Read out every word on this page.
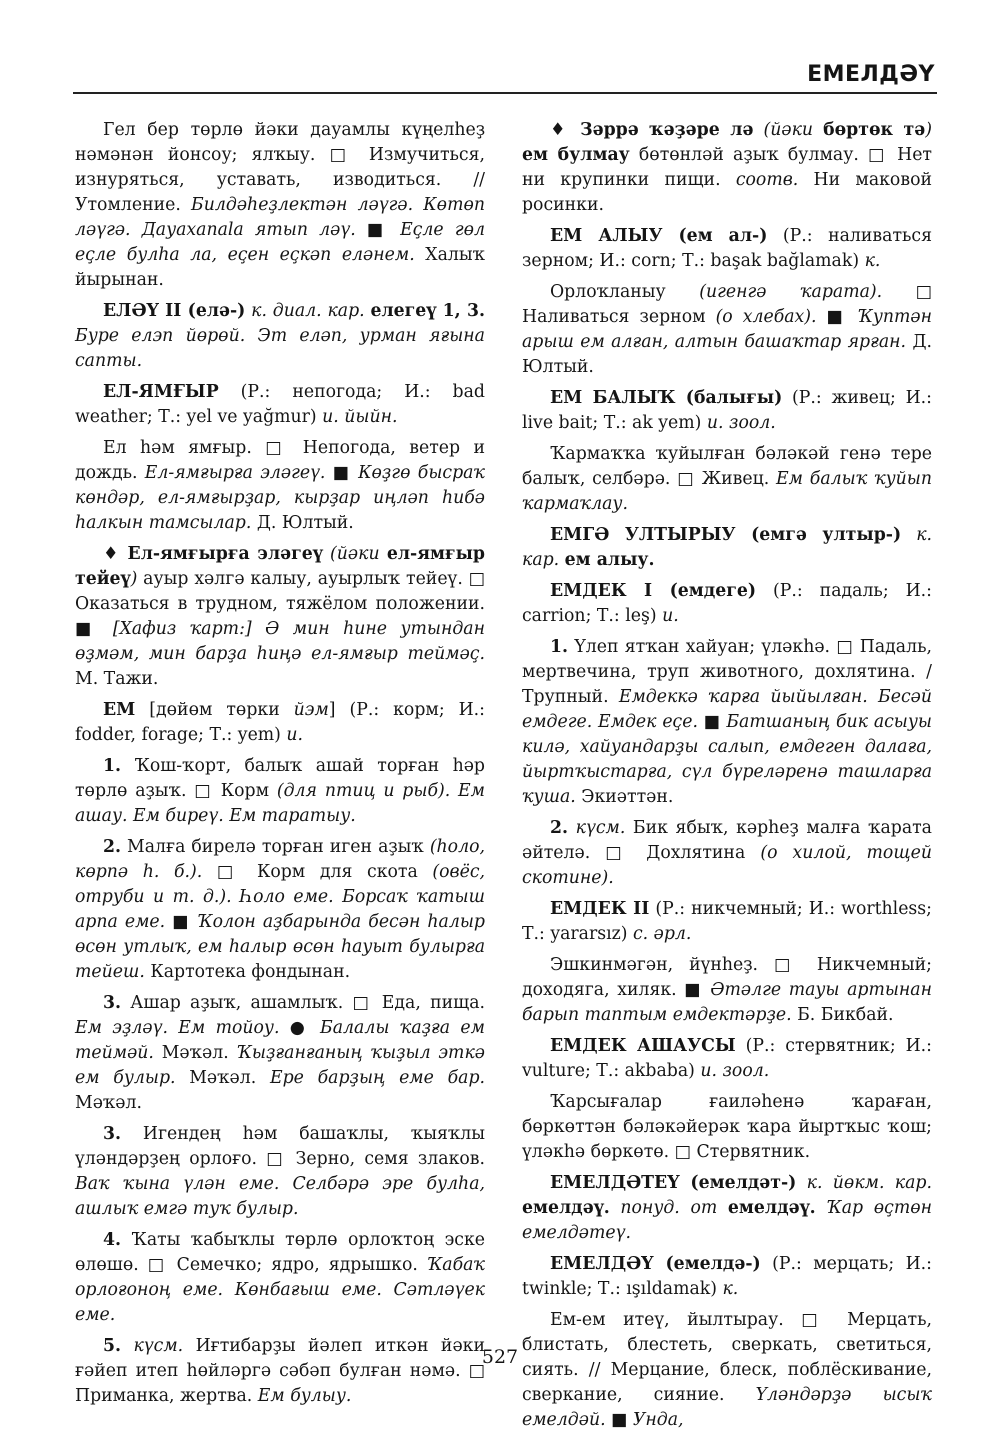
ЕМЕЛДӘҮ

Гел бер төрлө йәки дауамлы күңелһеҙ нәмәнән йонсоу; ялҡыу. □ Измучиться, изнуряться, уставать, изводиться. // Утомление. Билдәһеҙлектән ләүгә. Көтөп ләүгә. Дауахanalа ятып ләү. ■ Еҫле гөл еҫле булһа ла, еҫен еҫкәп еләнем. Халыҡ йырынан.

ЕЛӘҮ II (елә-) к. диал. кар. елегеү 1, 3. Буре елэп йөрөй. Эт еләп, урман яғына сапты.

ЕЛ-ЯМҒЫР (Р.: непогода; И.: bad weather; Т.: yel ve yağmur) и. йыйн.

Ел һәм ямғыр. □ Непогода, ветер и дождь. Ел-ямғырға эләгеү. ■ Көҙгө бысраҡ көндәр, ел-ямғырҙар, кырҙар иңләп һибә һалкын тамсылар. Д. Юлтый.

♦ Ел-ямғырға эләгеү (йәки ел-ямғыр тейеү) ауыр хәлгә калыу, ауырлыҡ тейеү. □ Оказаться в трудном, тяжёлом положении. ■ [Хафиз ҡарт:] Ә мин һине утындан өҙмәм, мин барҙа һиңә ел-ямғыр теймәҫ. М. Тажи.

ЕМ [дөйөм төрки йэм] (Р.: корм; И.: fodder, forage; Т.: yem) и.

1. Ҡош-ҡорт, балыҡ ашай торған һәр төрлө аҙыҡ. □ Корм (для птиц и рыб). Ем ашау. Ем биреү. Ем таратыу.

2. Малға бирелә торған иген аҙыҡ (һоло, көрпә һ. б.). □ Корм для скота (овёс, отруби и т. д.). Һоло еме. Борсаҡ ҡатыш арпа еме. ■ Ҡолон аҙбарында бесән һалыр өсөн утлыҡ, ем һалыр өсөн һауыт булырға тейеш. Картотека фондынан.

3. Ашар аҙыҡ, ашамлыҡ. □ Еда, пища. Ем эҙләү. Ем тойоу. ● Балалы ҡаҙға ем теймәй. Мәҡәл. Ҡыҙғанғаның ҡыҙыл эткә ем булыр. Мәҡәл. Ере барҙың еме бар. Мәҡәл.

3. Игендең һәм башаҡлы, ҡыяҡлы үләндәрҙең орлоғо. □ Зерно, семя злаков. Ваҡ ҡына үлән еме. Селбәрә эре булһа, ашлыҡ емгә туҡ булыр.

4. Ҡаты ҡабыҡлы төрлө орлоҡтоң эске өлөшө. □ Семечко; ядро, ядрышко. Ҡабаҡ орлоғоноң еме. Көнбағыш еме. Сәтләүек еме.

5. күсм. Иғтибарҙы йәлеп иткән йәки ғәйеп итеп һөйләргә сәбәп булған нәмә. □ Приманка, жертва. Ем булыу.

♦ Зәррә ҡәҙәре лә (йәки бөртөк тә) ем булмау бөтөнләй аҙыҡ булмау. □ Нет ни крупинки пищи. соотв. Ни маковой росинки.

ЕМ АЛЫУ (ем ал-) (Р.: наливаться зерном; И.: corn; Т.: başak bağlamak) к.

Орлоҡланыу (игенгә ҡарата). □ Наливаться зерном (о хлебах). ■ Ҡуптән арыш ем алған, алтын башаҡтар ярған. Д. Юлтый.

ЕМ БАЛЫҠ (балығы) (Р.: живец; И.: live bait; Т.: ak yem) и. зоол.

Ҡармаҡҡа ҡуйылған бәләкәй генә тере балыҡ, селбәрә. □ Живец. Ем балыҡ ҡуйып ҡармаҡлау.

ЕМГӘ УЛТЫРЫУ (емгә ултыр-) к. кар. ем алыу.

ЕМДЕК I (емдеге) (Р.: падаль; И.: carrion; Т.: leş) и.

1. Үлеп ятҡан хайуан; үләкһә. □ Падаль, мертвечина, труп животного, дохлятина. / Трупный. Емдеккә ҡарға йыйылған. Бесәй емдеге. Емдек еҫе. ■ Батшаның бик асыуы килә, хайуандарҙы салып, емдеген далаға, йыртҡыстарға, сүл бүреләренә ташларға ҡуша. Экиәттән.

2. күсм. Бик ябыҡ, кәрһеҙ малға ҡарата әйтелә. □ Дохлятина (о хилой, тощей скотине).

ЕМДЕК II (Р.: никчемный; И.: worthless; Т.: yararsız) с. әрл.

Эшкинмәгән, йүнһеҙ. □ Никчемный; доходяга, хиляк. ■ Әтәлге тауы артынан барып таптым емдектәрҙе. Б. Бикбай.

ЕМДЕК АШАУСЫ (Р.: стервятник; И.: vulture; Т.: akbaba) и. зоол.

Ҡарсығалар ғаиләһенә ҡараған, бөркөттән бәләкәйерәк ҡара йыртҡыс ҡош; үләкһә бөркөтө. □ Стервятник.

ЕМЕЛДӘТЕҮ (емелдәт-) к. йөкм. кар. емелдәү. понуд. от емелдәү. Ҡар өҫтөн емелдәтеү.

ЕМЕЛДӘҮ (емелдә-) (Р.: мерцать; И.: twinkle; Т.: ışıldamak) к.

Ем-ем итеү, йылтырау. □ Мерцать, блистать, блестеть, сверкать, светиться, сиять. // Мерцание, блеск, поблёскивание, сверкание, сияние. Үләндәрҙә ысыҡ емелдәй. ■ Унда,

527
